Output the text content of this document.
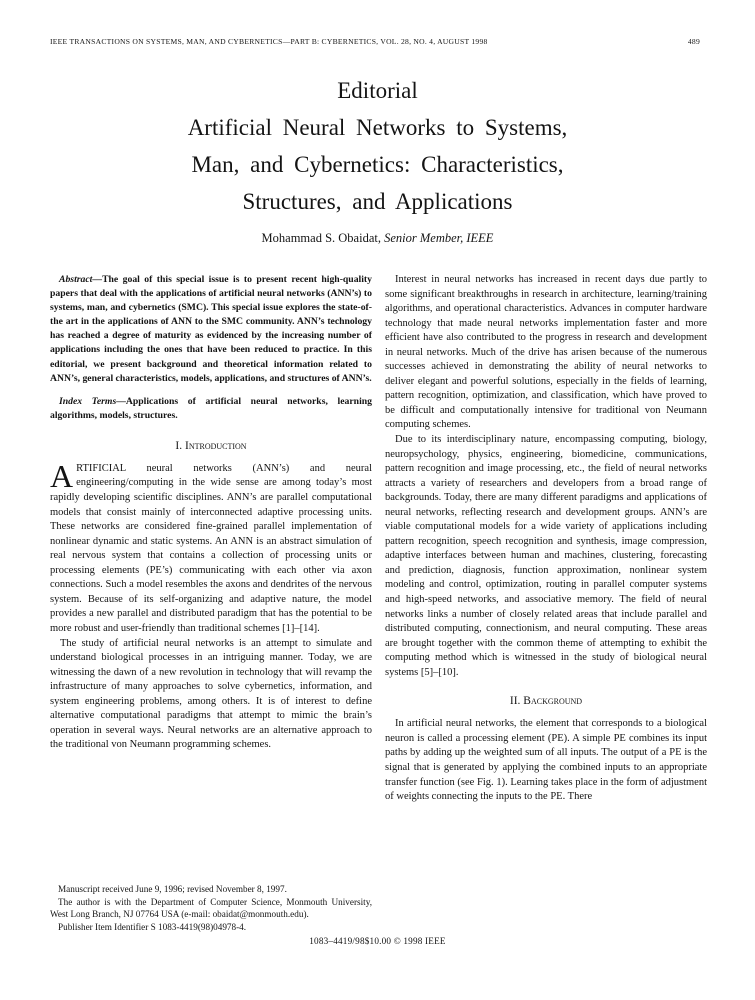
IEEE TRANSACTIONS ON SYSTEMS, MAN, AND CYBERNETICS—PART B: CYBERNETICS, VOL. 28, NO. 4, AUGUST 1998	489
Editorial
Artificial Neural Networks to Systems,
Man, and Cybernetics: Characteristics,
Structures, and Applications
Mohammad S. Obaidat, Senior Member, IEEE

Abstract—The goal of this special issue is to present recent high-quality papers that deal with the applications of artificial neural networks (ANN’s) to systems, man, and cybernetics (SMC). This special issue explores the state-of-the art in the applications of ANN to the SMC community. ANN’s technology has reached a degree of maturity as evidenced by the increasing number of applications including the ones that have been reduced to practice. In this editorial, we present background and theoretical information related to ANN’s, general characteristics, models, applications, and structures of ANN’s.

Index Terms—Applications of artificial neural networks, learning algorithms, models, structures.

I. Introduction

ARTIFICIAL neural networks (ANN’s) and neural engineering/computing in the wide sense are among today’s most rapidly developing scientific disciplines. ANN’s are parallel computational models that consist mainly of interconnected adaptive processing units. These networks are considered fine-grained parallel implementation of nonlinear dynamic and static systems. An ANN is an abstract simulation of real nervous system that contains a collection of processing units or processing elements (PE’s) communicating with each other via axon connections. Such a model resembles the axons and dendrites of the nervous system. Because of its self-organizing and adaptive nature, the model provides a new parallel and distributed paradigm that has the potential to be more robust and user-friendly than traditional schemes [1]–[14].

The study of artificial neural networks is an attempt to simulate and understand biological processes in an intriguing manner. Today, we are witnessing the dawn of a new revolution in technology that will revamp the infrastructure of many approaches to solve cybernetics, information, and system engineering problems, among others. It is of interest to define alternative computational paradigms that attempt to mimic the brain’s operation in several ways. Neural networks are an alternative approach to the traditional von Neumann programming schemes.

Manuscript received June 9, 1996; revised November 8, 1997.

The author is with the Department of Computer Science, Monmouth University, West Long Branch, NJ 07764 USA (e-mail: obaidat@monmouth.edu).

Publisher Item Identifier S 1083-4419(98)04978-4.

Interest in neural networks has increased in recent days due partly to some significant breakthroughs in research in architecture, learning/training algorithms, and operational characteristics. Advances in computer hardware technology that made neural networks implementation faster and more efficient have also contributed to the progress in research and development in neural networks. Much of the drive has arisen because of the numerous successes achieved in demonstrating the ability of neural networks to deliver elegant and powerful solutions, especially in the fields of learning, pattern recognition, optimization, and classification, which have proved to be difficult and computationally intensive for traditional von Neumann computing schemes.

Due to its interdisciplinary nature, encompassing computing, biology, neuropsychology, physics, engineering, biomedicine, communications, pattern recognition and image processing, etc., the field of neural networks attracts a variety of researchers and developers from a broad range of backgrounds. Today, there are many different paradigms and applications of neural networks, reflecting research and development groups. ANN’s are viable computational models for a wide variety of applications including pattern recognition, speech recognition and synthesis, image compression, adaptive interfaces between human and machines, clustering, forecasting and prediction, diagnosis, function approximation, nonlinear system modeling and control, optimization, routing in parallel computer systems and high-speed networks, and associative memory. The field of neural networks links a number of closely related areas that include parallel and distributed computing, connectionism, and neural computing. These areas are brought together with the common theme of attempting to exhibit the computing method which is witnessed in the study of biological neural systems [5]–[10].

II. Background

In artificial neural networks, the element that corresponds to a biological neuron is called a processing element (PE). A simple PE combines its input paths by adding up the weighted sum of all inputs. The output of a PE is the signal that is generated by applying the combined inputs to an appropriate transfer function (see Fig. 1). Learning takes place in the form of adjustment of weights connecting the inputs to the PE. There

1083–4419/98$10.00 © 1998 IEEE
